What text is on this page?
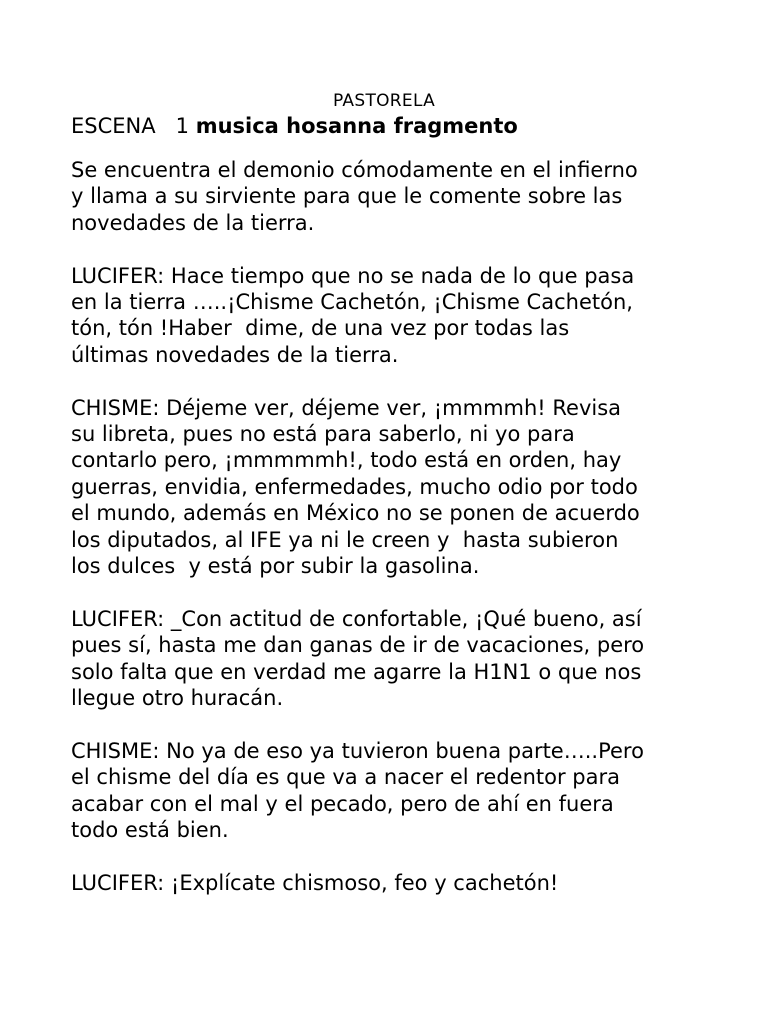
PASTORELA
ESCENA 1 musica hosanna fragmento

Se encuentra el demonio cómodamente en el infierno
y llama a su sirviente para que le comente sobre las
novedades de la tierra.

LUCIFER: Hace tiempo que no se nada de lo que pasa
en la tierra …..¡Chisme Cachetón, ¡Chisme Cachetón,
tón, tón !Haber  dime, de una vez por todas las
últimas novedades de la tierra.

CHISME: Déjeme ver, déjeme ver, ¡mmmmh! Revisa
su libreta, pues no está para saberlo, ni yo para
contarlo pero, ¡mmmmmh!, todo está en orden, hay
guerras, envidia, enfermedades, mucho odio por todo
el mundo, además en México no se ponen de acuerdo
los diputados, al IFE ya ni le creen y  hasta subieron
los dulces  y está por subir la gasolina.

LUCIFER: _Con actitud de confortable, ¡Qué bueno, así
pues sí, hasta me dan ganas de ir de vacaciones, pero
solo falta que en verdad me agarre la H1N1 o que nos
llegue otro huracán.

CHISME: No ya de eso ya tuvieron buena parte…..Pero
el chisme del día es que va a nacer el redentor para
acabar con el mal y el pecado, pero de ahí en fuera
todo está bien.

LUCIFER: ¡Explícate chismoso, feo y cachetón!
